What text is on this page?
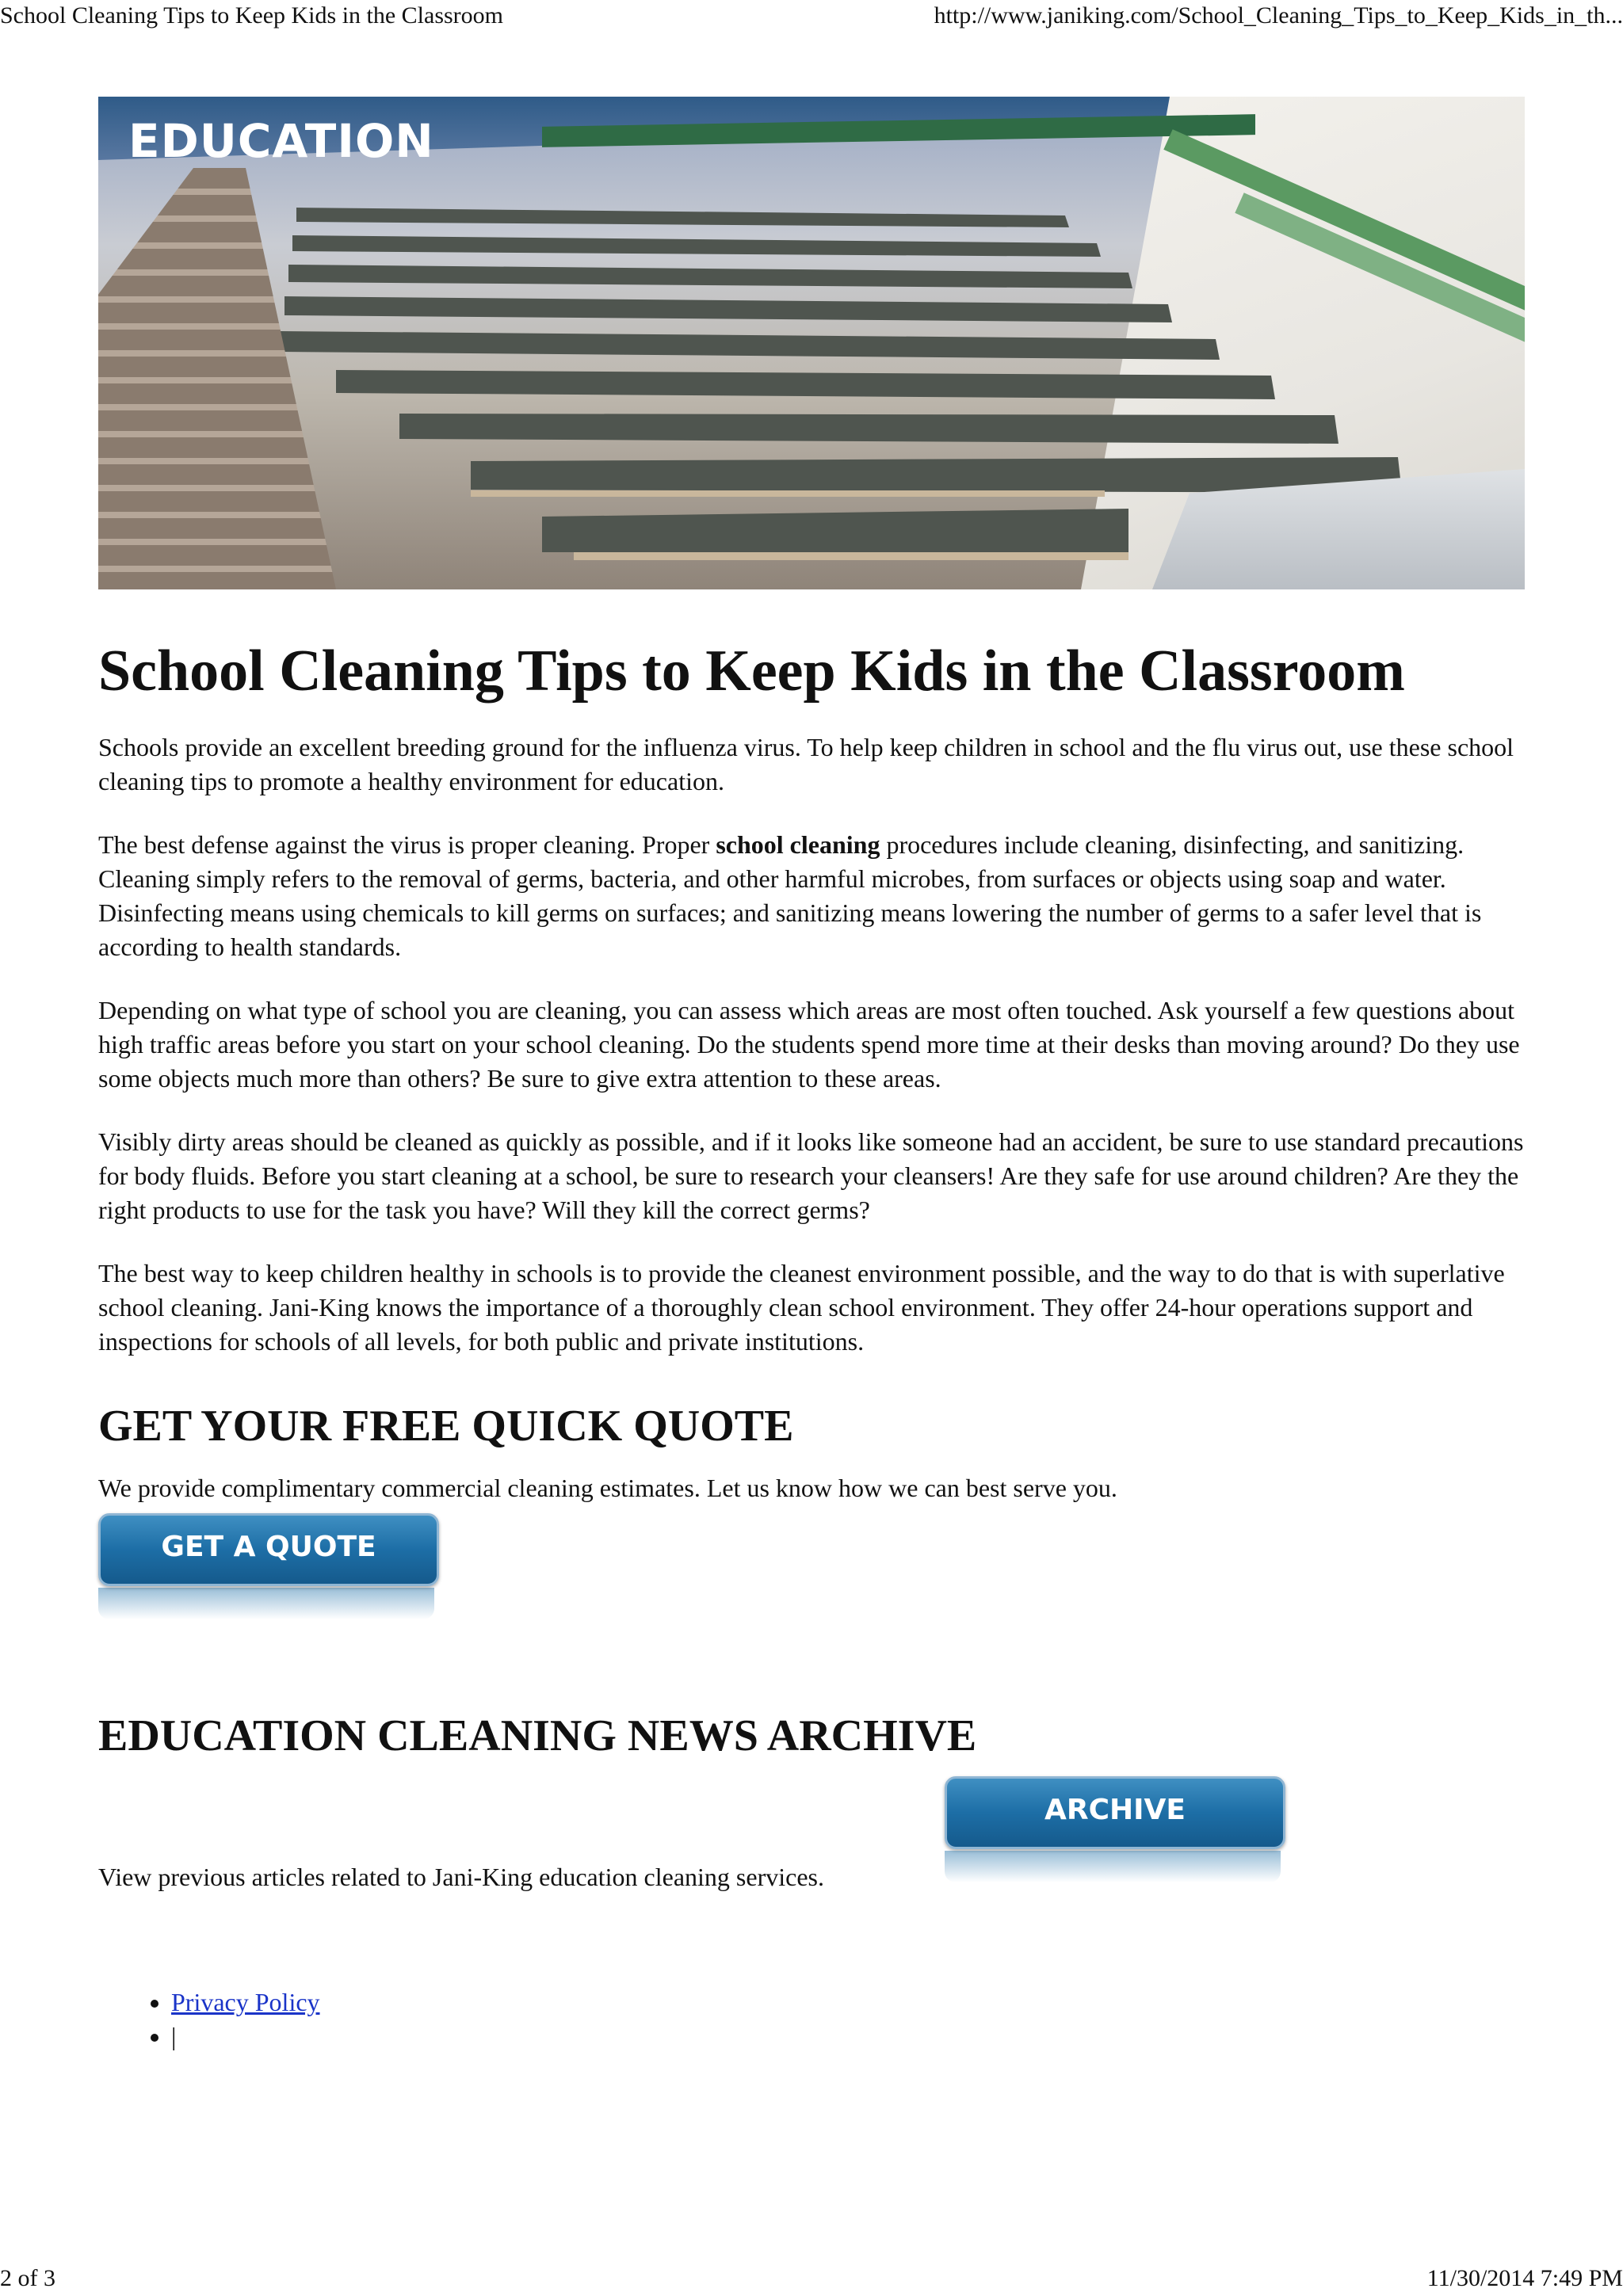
School Cleaning Tips to Keep Kids in the Classroom	http://www.janiking.com/School_Cleaning_Tips_to_Keep_Kids_in_th...
EDUCATION
School Cleaning Tips to Keep Kids in the Classroom

Schools provide an excellent breeding ground for the influenza virus. To help keep children in school and the flu virus out, use these school cleaning tips to promote a healthy environment for education.

The best defense against the virus is proper cleaning. Proper school cleaning procedures include cleaning, disinfecting, and sanitizing. Cleaning simply refers to the removal of germs, bacteria, and other harmful microbes, from surfaces or objects using soap and water. Disinfecting means using chemicals to kill germs on surfaces; and sanitizing means lowering the number of germs to a safer level that is according to health standards.

Depending on what type of school you are cleaning, you can assess which areas are most often touched. Ask yourself a few questions about high traffic areas before you start on your school cleaning. Do the students spend more time at their desks than moving around? Do they use some objects much more than others? Be sure to give extra attention to these areas.

Visibly dirty areas should be cleaned as quickly as possible, and if it looks like someone had an accident, be sure to use standard precautions for body fluids. Before you start cleaning at a school, be sure to research your cleansers! Are they safe for use around children? Are they the right products to use for the task you have? Will they kill the correct germs?

The best way to keep children healthy in schools is to provide the cleanest environment possible, and the way to do that is with superlative school cleaning. Jani-King knows the importance of a thoroughly clean school environment. They offer 24-hour operations support and inspections for schools of all levels, for both public and private institutions.

GET YOUR FREE QUICK QUOTE

We provide complimentary commercial cleaning estimates. Let us know how we can best serve you.

GET A QUOTE
EDUCATION CLEANING NEWS ARCHIVE
View previous articles related to Jani-King education cleaning services.
ARCHIVE
• Privacy Policy
• |
2 of 3	11/30/2014 7:49 PM
